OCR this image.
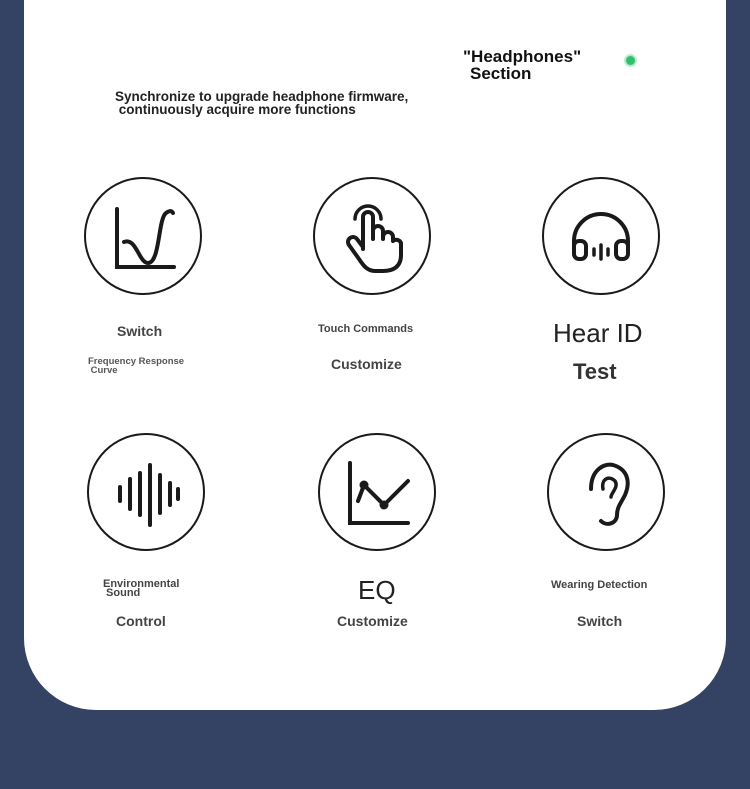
"Headphones"
Section
Synchronize to upgrade headphone firmware,
continuously acquire more functions
Switch
Frequency Response
Curve
Touch Commands
Customize
Hear ID
Test
Environmental
Sound
Control
EQ
Customize
Wearing Detection
Switch
